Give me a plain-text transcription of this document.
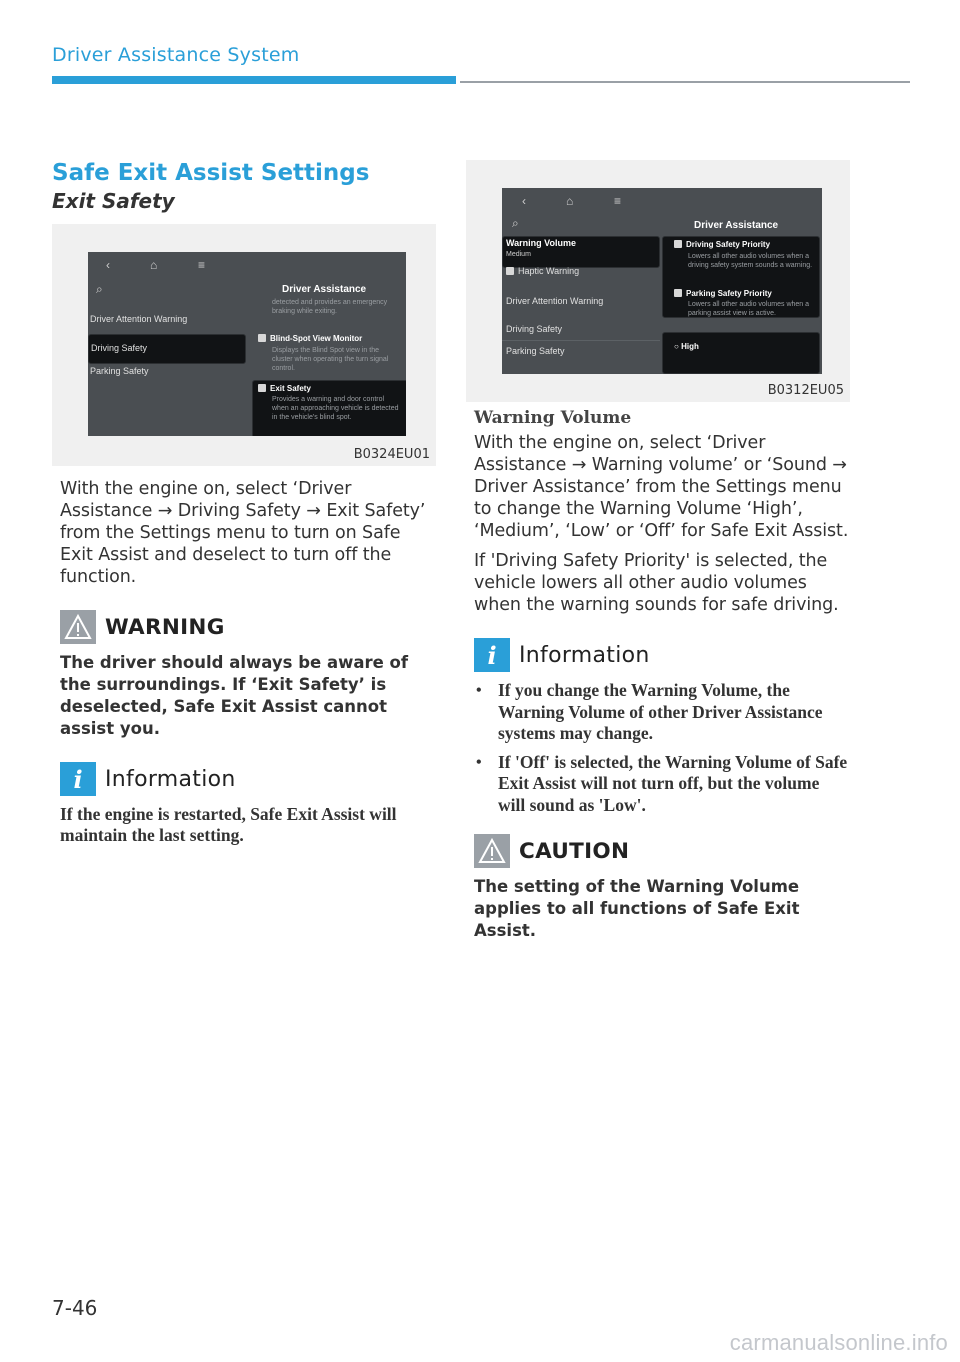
Driver Assistance System
Safe Exit Assist Settings
Exit Safety
‹	⌂	≡
⌕	Driver Assistance
Driver Attention Warning
Driving Safety
Parking Safety
detected and provides an emergency braking while exiting.
Blind-Spot View Monitor
Displays the Blind Spot view in the cluster when operating the turn signal control.
Exit Safety
Provides a warning and door control when an approaching vehicle is detected in the vehicle's blind spot.
B0324EU01
With the engine on, select ‘Driver Assistance → Driving Safety → Exit Safety’ from the Settings menu to turn on Safe Exit Assist and deselect to turn off the function.
WARNING
The driver should always be aware of the surroundings. If ‘Exit Safety’ is deselected, Safe Exit Assist cannot assist you.
i	Information
If the engine is restarted, Safe Exit Assist will maintain the last setting.
‹	⌂	≡
⌕	Driver Assistance
Warning Volume
Medium
Haptic Warning
Driver Attention Warning
Driving Safety
Parking Safety
Driving Safety Priority
Lowers all other audio volumes when a driving safety system sounds a warning.
Parking Safety Priority
Lowers all other audio volumes when a parking assist view is active.
○ High
B0312EU05
Warning Volume
With the engine on, select ‘Driver Assistance → Warning volume’ or ‘Sound → Driver Assistance’ from the Settings menu to change the Warning Volume ‘High’, ‘Medium’, ‘Low’ or ‘Off’ for Safe Exit Assist.
If 'Driving Safety Priority' is selected, the vehicle lowers all other audio volumes when the warning sounds for safe driving.
i	Information
• If you change the Warning Volume, the Warning Volume of other Driver Assistance systems may change.
• If 'Off' is selected, the Warning Volume of Safe Exit Assist will not turn off, but the volume will sound as 'Low'.
CAUTION
The setting of the Warning Volume applies to all functions of Safe Exit Assist.
7-46
carmanualsonline.info
